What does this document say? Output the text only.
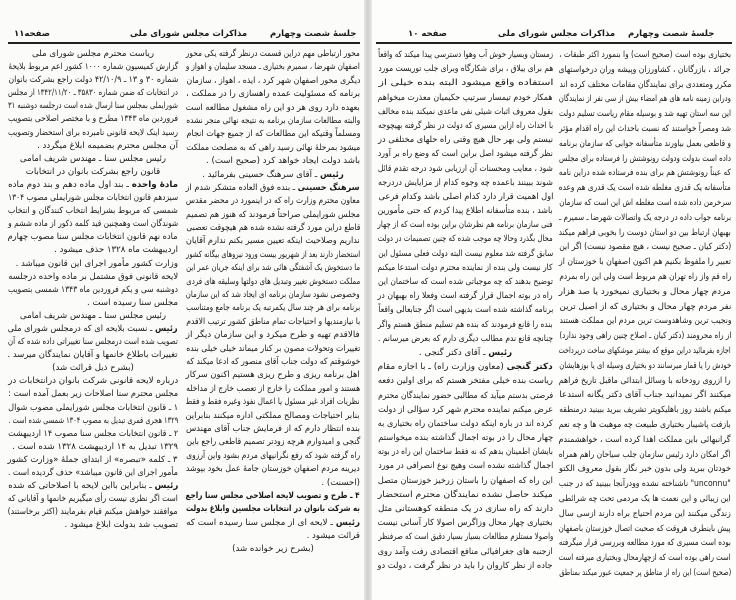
صفحه۱۱	مذاکرات مجلس شورای ملی	جلسهٔ شصت وچهارم	صفحه ۱۰	مذاکرات مجلس شورای ملی جلسهٔ شصت وچهارم
ریاست محترم مجلس شورای ملی
گزارش کمیسیون شماره ۱۰۰۰ کشور اعم مربوط بلایحهٔ
شماره ۳۰ و ۱۳ ـ ۴۲/۱۰/۹ دولت راجع بشرکت بانوان
در انتخابات که ضمن شماره ۳۵۸۳۰ ـ ۱۳۴۲/۱۱/۲۰ از مجلس
شورایملی بمجلس سنا ارسال شده است درجلسه دوشنبه ۳۱
فروردین ماه ۱۳۴۳ مطرح و با مختصر اصلاحی بتصویب
رسید اینک لایحه قانونی نامبرده برای استحضار وتصویب
آن مجلس محترم بضمیمه ابلاغ میگردد .
رئیس مجلس سنا ـ مهندس شریف امامی
قانون راجع بشرکت بانوان در انتخابات
مادهٔ واحده ـ بند اول ماده دهم و بند دوم ماده
سیزدهم قانون انتخابات مجلس شورایملی مصوب ۱۳۰۴
شمسی که مربوط بشرایط انتخاب کنندگان و انتخاب
شوندگان است وهمچنین قید کلمه ذکور از ماده ششم و
ماده نهم قانون انتخابات مجلس سنا مصوب چهارم
اردیبهشت ماه ۱۳۲۸ حذف میشود .
وزارت کشور مأمور اجرای این قانون میباشد .
لایحه قانونی فوق مشتمل بر ماده واحده درجلسه
دوشنبه سی و یکم فروردین ماه ۱۳۴۳ شمسی بتصویب
مجلس سنا رسیده است .
رئیس مجلس سنا ـ مهندس شریف امامی
رئیس ـ نسبت بلایحه ای که درمجلس شورای ملی
تصویب شده است درمجلس سنا تغییراتی داده شده که آن
تغییرات باطلاع خانمها و آقایان نمایندگان میرسد .
(بشرح ذیل قرائت شد)
درباره لایحه قانونی شرکت بانوان درانتخابات در
مجلس محترم سنا اصلاحات زیر بعمل آمده است :
۱ ـ قانون انتخابات مجلس شورایملی مصوب شوال
۱۳۲۹ هجری قمری تبدیل به مصوب ۱۳۰۴ شمسی شده است .
۲ ـ قانون انتخابات مجلس سنا مصوب ۱۴ اردیبهشت
۱۳۲۹ تبدیل به ۱۴ اردیبهشت ۱۳۲۸ شده است .
۳ ـ کلمه «تبصره» از ابتدای جملهٔ «وزارت کشور
مأمور اجرای این قانون میباشد» حذف گردیده است .
رئیس ـ بنابراین بااین لایحه با اصلاحاتی که شده
است اگر نظری نیست رأی میگیریم خانمها و آقایانی که
موافقند خواهش میکنم قیام بفرمایند (اکثر برخاستند)
تصویب شد بدولت ابلاغ میشود .
محور ارتباطی مهم دراین قسمت درنظر گرفته یکی محور
اصفهان شهرضا ، سمیرم بختیاری ـ مسجد سلیمان و اهواز و
دیگری محور اصفهان شهر کرد ، ایذه ، اهواز ، سازمان
برنامه که مسئولیت عمده راهسازی را در مملکت ،
بعهده دارد روی هر دو این راه مشغول مطالعه است
والبته مطالعات سازمان برنامه به نتیجه نهائی منجر نشده
ومسلماً وقتیکه این مطالعات که از جمیع جهات انجام
میشود بمرحلهٔ نهائی رسید راهی که به مصلحت مملکت
باشد دولت ایجاد خواهد کرد (صحیح است) .
رئیس ـ آقای سرهنگ حسینی بفرمائید .
سرهنگ حسینی ـ بنده فوق العاده متشکر شدم از
معاون محترم وزارت راه که در اینمورد در محضر مقدس
مجلس شورایملی صراحتاً فرمودند که هنوز هم تصمیم
قاطع دراین مورد گرفته نشده شده هم هیچوقت تعصبی
نداریم وصلاحیت اینکه تعیین مسیر بکنم ندارم آقایان
استحضار دارند بعد از شهریور بیست ورود نیروهای بیگانه کشور
ما دستخوش یک آشفتگی هائی شد برای اینکه جریان عمر این
مملکت دستخوش تغییر وتبدیل های دولتها وسلیقه های فردی
وخصوصی نشود سازمان برنامه ای ایجاد شد که این سازمان
برنامه برای هر چند سال یکمرتبه یک برنامه جامع ومتناسب
با نیازمندیها و احتیاجات تمام مناطق کشور ترتیب الاقدم
فالاقدم تهیه و طرح میکرد و این سازمان دیگر از
تغییرات وتحولات مصون بر کنار میماند خیلی خیلی بنده
خوشوقتم که دولت جناب آقای منصور که ادعا میکند که
اهل برنامه ریزی و طرح ریزی هستیم اکنون سرکار
هستند و امور مملکت را خارج از تعصب خارج از مداخله
نظریات افراد غیر مسئول یا اعمال نفوذ وغیره فقط و فقط
بنابر احتیاجات ومصالح مملکتی اداره میکنند بنابراین
بنده انتظار دارم که از فرمایش جناب آقای مهندس
گنجی و امیدوارم هرچه زودتر تصمیم قاطعی راجع باین
راه گرفته شود که رفع نگرانیهای مردم بشود واین آرزوی
دیرینه مردم اصفهان خوزستان جامهٔ عمل بخود بپوشد
(احسنت) .
۴ ـ طرح و تصویب لایحه اصلاحی مجلس سنا راجع
به شرکت بانوان در انتخابات مجلسین وابلاغ بدولت
رئیس ـ لایحه ای از مجلس سنا رسیده است که
قرائت میشود .
(بشرح زیر خوانده شد)
زمستان وبسیار خوش آب وهوا دسترسی پیدا میکند که واقعاً
هم برای ییلاق ، برای شکارگاه وبرای جلب توریست مورد
استفاده واقع میشود البته بنده خیلی از
همکار خودم تیمسار سرتیپ حکیمیان معذرت میخواهم
بقول معروف اثبات شیئی نفی ماعدی نمیکند بنده مخالف
با احداث راه ازاین مسیری که دولت در نظر گرفته بهیچوجه
نیستم ولی بهر حال هیچ وقتی راه حلهای مختلفی در
نظر گرفته میشود اصل براین است که وضع راه بر آورد
شود ، معایب ومحسنات آن ارزیابی شود درجه تقدم قائل
شوند ببینند باعمده چه وجوه کدام از مزایایش دردرجه
اول اهمیت قرار دارد کدام اصلی باشد وکدام فرعی
باشد ، بنده متأسفانه اطلاع پیدا کردم که حتی مأمورین
فنی سازمان برنامه هم نظرشان براین بوده است که از چهار
محال بگذرد وحالا چه موجب شده که چنین تصمیمات در دولت
سابق گرفته شد معلوم نیست البته دولت فعلی مسئول این
کار نیست ولی بنده از نماینده محترم دولت استدعا میکنم
توضیح بدهند که چه موجباتی شده است که ساختمان این
راه در بوته اجمال قرار گرفته است وفعلا راه بهبهان در
برنامه گذاشته شده است بدیهی است اگر جنابعالی واقعاً
بنده را قانع فرمودند که بنده هم تسلیم منطق هستم واگر
چنانچه قانع ندم مطالب دیگری دارم که بعرض میرسانم .
رئیس ـ آقای دکتر گنجی .
دکتر گنجی (معاون وزارت راه) ـ با اجازه مقام
ریاست بنده خیلی مفتخر هستم که برای اولین دفعه
فرصتی بدستم میآید که مطالبی حضور نمایندگان محترم
عرض میکنم نماینده محترم شهر کرد سؤالی از دولت
کرده اند در باره اینکه دولت ساختمان راه بختیاری به
چهار محال را در بوته اجمال گذاشته بنده میخواستم
بایشان اطمینان بدهم که نه فقط ساختمان این راه در بوته
اجمال گذاشته نشده است وهیچ نوع انصرافی در مورد
این راه که اصفهان را باستان زرخیز خوزستان متصل
میکند حاصل نشده نمایندگان محترم استحضار
دارند که راه سازی در یک منطقه کوهستانی مثل
بختیاری چهار محال وزاگرس اصولا کار آسانی نیست
واصولا مستلزم مطالعات بسیار بسیار دقیق است که صرفنظر
ازجنبه های جغرافیائی منافع اقتصادی رفت وآمد روی
جاده از نظر کاروان را باید در نظر گرفت ، دولت دو
بختیاری بوده است (صحیح است) وا بنمورد اکثر طبقات ،
جرائد ، بازرگانان ، کشاورزان وپیشه وران درخواستهای
مکرر ومتعددی برای نمایندگان مقامات مختلف کرده اند
ودراین زمینه نامه های هم امضاء بیش از سی نفر از نمایندگان
این سه استان تهیه شد و بوسیله مقام ریاست تسلیم دولت
شد ومصراً خواستند که نسبت باحداث این راه اقدام مؤثر
و قاطعی بعمل بیاورند متأسفانه جوابی که سازمان برنامه
داده است بدولت ودولت رونوشتش را فرستاده برای مجلس
که عیناً رونوشتش هم برای بنده فرستاده شده دراین نامه
متأسفانه یک قدری مغلطه شده است یک قدری هم وعده
سرخرمن داده شده است مغلطه اش این است که سازمان
برنامه جواب داده در درجه یک واتصالات شهرضا ـ سمیرم ـ
بهبهان ارتباط بین دو استان دوست را بخوبی فراهم میکند
(دکتر کیان ـ صحیح نیست ، هیچ مقصود نیست) اگر این
تعبیر را ملفوظ بکنیم هم اکنون اصفهان با خوزستان از
راه قم واز راه تهران هم مربوط است ولی این راه بمردم
مردم چهار محال و بختیاری نمیخورد یا صد هزار
نفر مردم چهار محال و بختیاری که از اصیل ترین
ونجیب ترین وشاهدوست ترین مردم این مملکت هستند
از راه محرومند (دکتر کیان ـ اصلاح چنین راهی وجود ندارد)
اجازه بفرمائید دراین موقع که بیشتر موشکهای ساخت درپرداخت
خودش را یا قمار میرسانند دو بختیاری وسیله ای یا بوزهایشان
را ازروی رودخانه با وسائل ابتدائی ماقبل تاریخ فراهم
میکنند اگر نمیدانید جناب آقای دکتر یگانه استدعا
میکنم باشند روز باهلیکوپتر تشریف ببرید ببینید درمنطقه
بازفت پاشیبار بختیاری طبیعت چه موهبت ها و چه نعم
گرانبهائی باین مملکت اهدا کرده است ، خواهشمندم
اگر امکان دارد رئیس سازمان جلب سیاحان راهم همراه
خودتان ببرید ولی بدون خبر نگار بقول معروف الکتو
"unconnu" ناشناخته نشده وودرآنجا ببینید که در جنب
این زیبائی و این نعمت ها یک مردمی تحت چه شرائطی
زندگی میکنند این مردم احتیاج براه دارند ازسی سال
پیش باینطرف هروقت که صحبت اتصال خوزستان باصفهان
بوده است مسیری که مورد مطالعه وبررسی قرار میگرفته
است راهی بوده است که ازچهارمحال وبختیاری میرفته است
(صحیح است) این راه از مناطق پر جمعیت عبور میکند بمناطق
